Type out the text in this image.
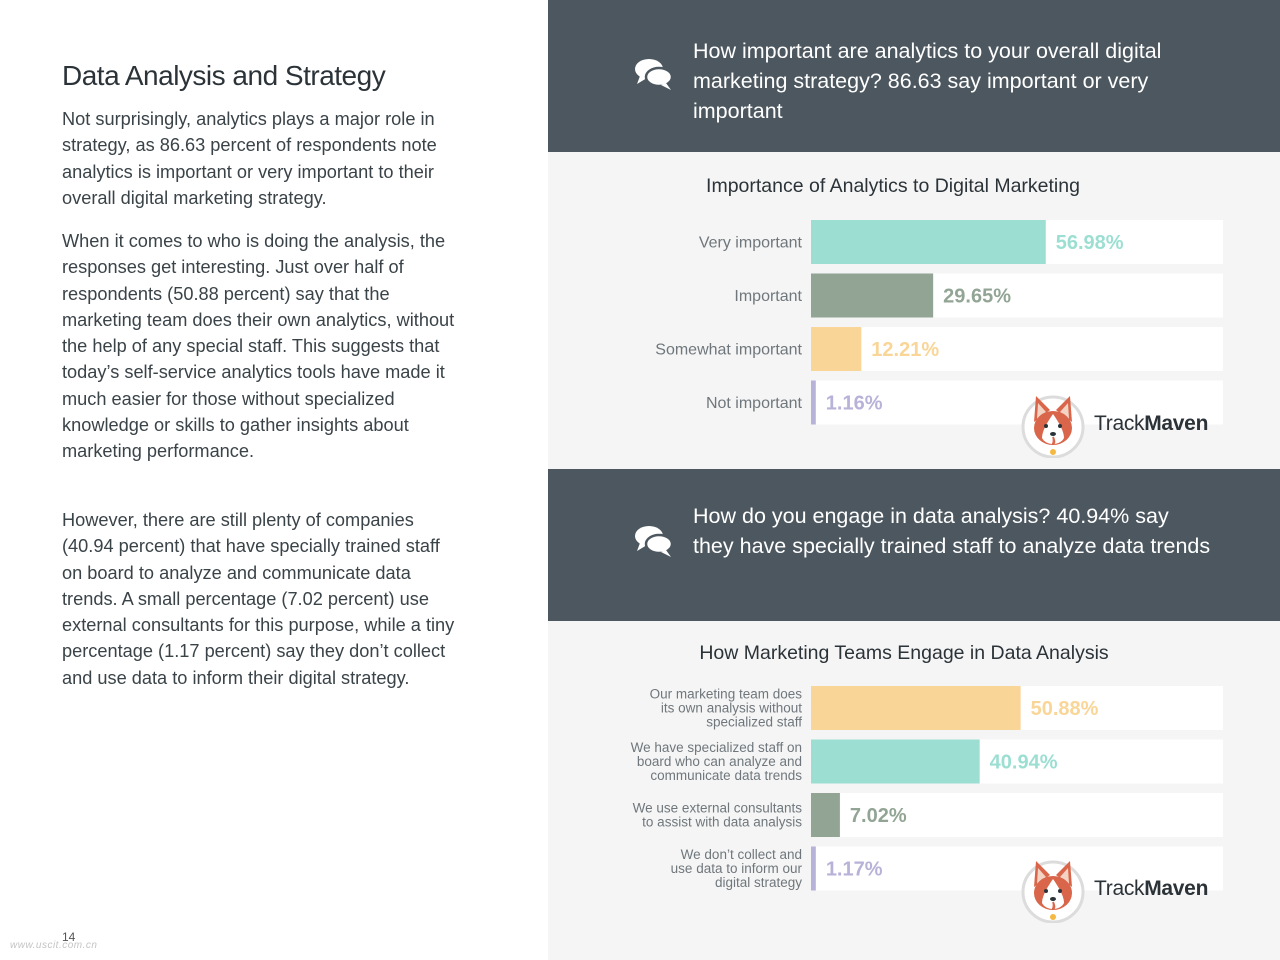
Data Analysis and Strategy

Not surprisingly, analytics plays a major role in strategy, as 86.63 percent of respondents note analytics is important or very important to their overall digital marketing strategy.

When it comes to who is doing the analysis, the responses get interesting. Just over half of respondents (50.88 percent) say that the marketing team does their own analytics, without the help of any special staff. This suggests that today’s self-service analytics tools have made it much easier for those without specialized knowledge or skills to gather insights about marketing performance.

However, there are still plenty of companies (40.94 percent) that have specially trained staff on board to analyze and communicate data trends. A small percentage (7.02 percent) use external consultants for this purpose, while a tiny percentage (1.17 percent) say they don’t collect and use data to inform their digital strategy.

14
www.uscit.com.cn
How important are analytics to your overall digital marketing strategy? 86.63 say important or very important
Importance of Analytics to Digital Marketing
56.98%
Very important
29.65%
Important
12.21%
Somewhat important
1.16%
Not important
TrackMaven
How do you engage in data analysis? 40.94% say they have specially trained staff to analyze data trends
How Marketing Teams Engage in Data Analysis
50.88%
Our marketing team does its own analysis without specialized staff
40.94%
We have specialized staff on board who can analyze and communicate data trends
7.02%
We use external consultants to assist with data analysis
1.17%
We don’t collect and use data to inform our digital strategy	TrackMaven
